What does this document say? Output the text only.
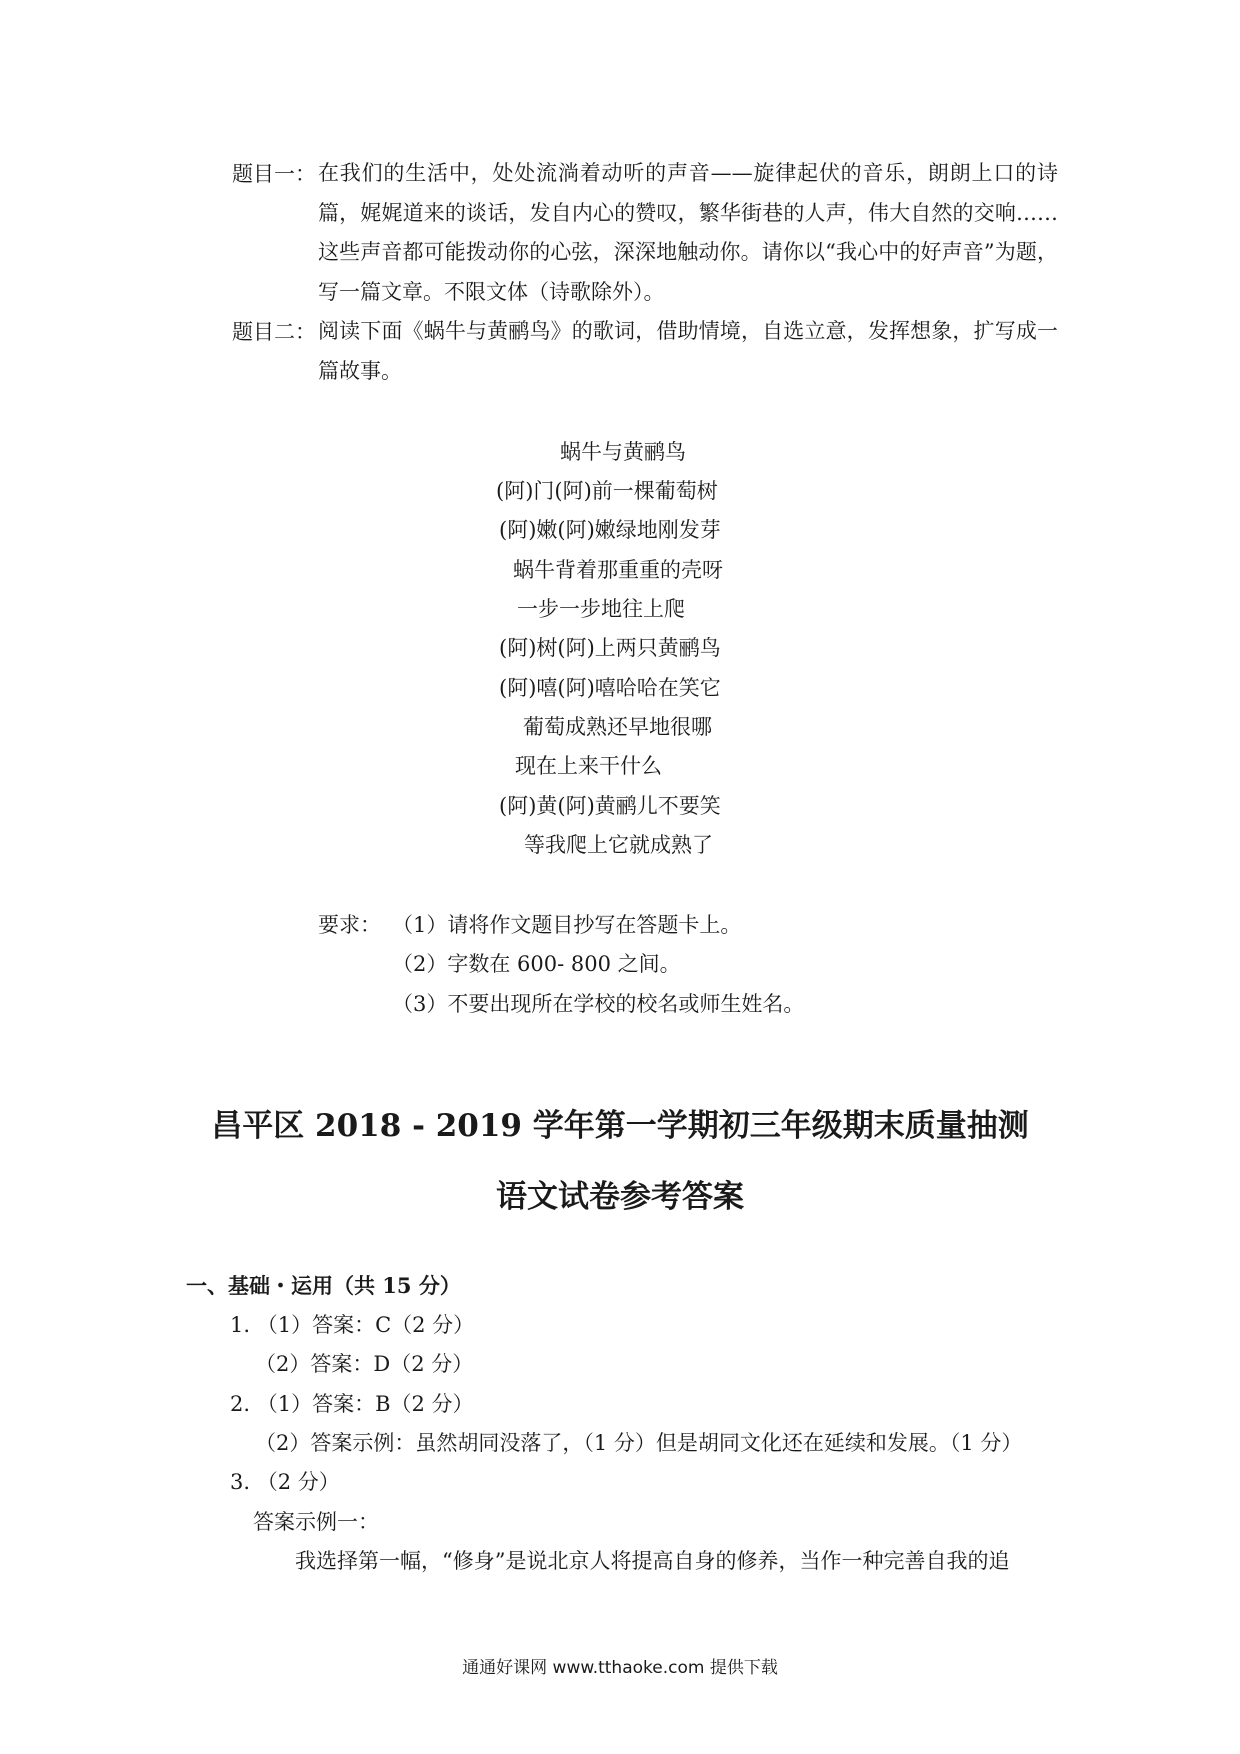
题目一： 在我们的生活中，处处流淌着动听的声音——旋律起伏的音乐，朗朗上口的诗篇，娓娓道来的谈话，发自内心的赞叹，繁华街巷的人声，伟大自然的交响……这些声音都可能拨动你的心弦，深深地触动你。请你以“我心中的好声音”为题，写一篇文章。不限文体（诗歌除外）。
题目二： 阅读下面《蜗牛与黄鹂鸟》的歌词，借助情境，自选立意，发挥想象，扩写成一篇故事。
蜗牛与黄鹂鸟
(阿)门(阿)前一棵葡萄树
(阿)嫩(阿)嫩绿地刚发芽
蜗牛背着那重重的壳呀
一步一步地往上爬
(阿)树(阿)上两只黄鹂鸟
(阿)嘻(阿)嘻哈哈在笑它
葡萄成熟还早地很哪
现在上来干什么
(阿)黄(阿)黄鹂儿不要笑
等我爬上它就成熟了
要求： （1）请将作文题目抄写在答题卡上。
（2）字数在 600- 800 之间。
（3）不要出现所在学校的校名或师生姓名。
昌平区 2018 - 2019 学年第一学期初三年级期末质量抽测
语文试卷参考答案
一、基础・运用（共 15 分）
1. （1）答案：C（2 分）
（2）答案：D（2 分）
2. （1）答案：B（2 分）
（2）答案示例：虽然胡同没落了，（1 分）但是胡同文化还在延续和发展。（1 分）
3. （2 分）
答案示例一：
我选择第一幅，“修身”是说北京人将提高自身的修养，当作一种完善自我的追
通通好课网 www.tthaoke.com 提供下载
